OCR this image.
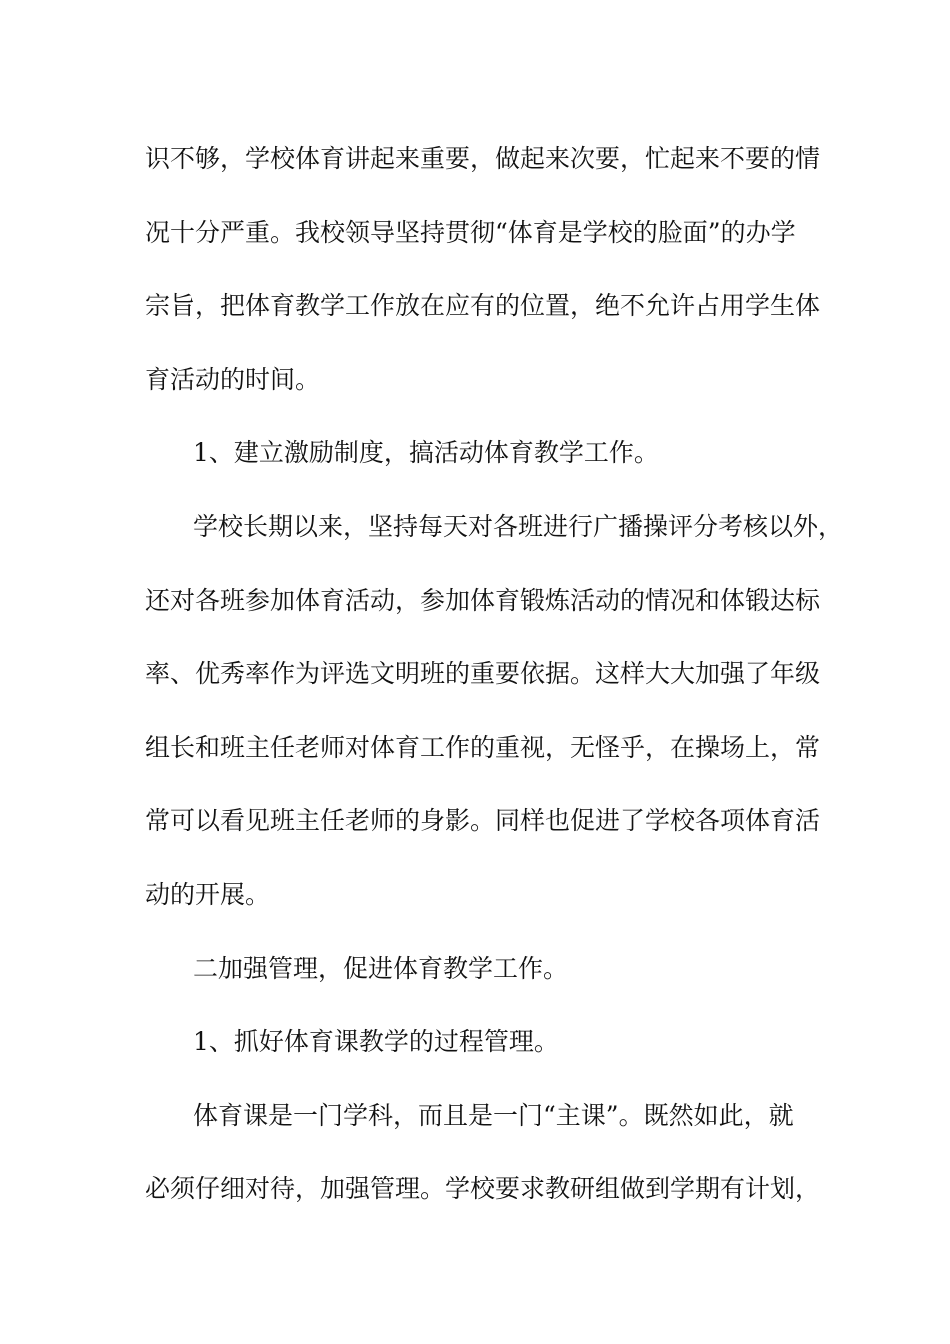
识不够，学校体育讲起来重要，做起来次要，忙起来不要的情
况十分严重。我校领导坚持贯彻“体育是学校的脸面”的办学
宗旨，把体育教学工作放在应有的位置，绝不允许占用学生体
育活动的时间。
1、建立激励制度，搞活动体育教学工作。
学校长期以来，坚持每天对各班进行广播操评分考核以外，
还对各班参加体育活动，参加体育锻炼活动的情况和体锻达标
率、优秀率作为评选文明班的重要依据。这样大大加强了年级
组长和班主任老师对体育工作的重视，无怪乎，在操场上，常
常可以看见班主任老师的身影。同样也促进了学校各项体育活
动的开展。
二加强管理，促进体育教学工作。
1、抓好体育课教学的过程管理。
体育课是一门学科，而且是一门“主课”。既然如此，就
必须仔细对待，加强管理。学校要求教研组做到学期有计划，
